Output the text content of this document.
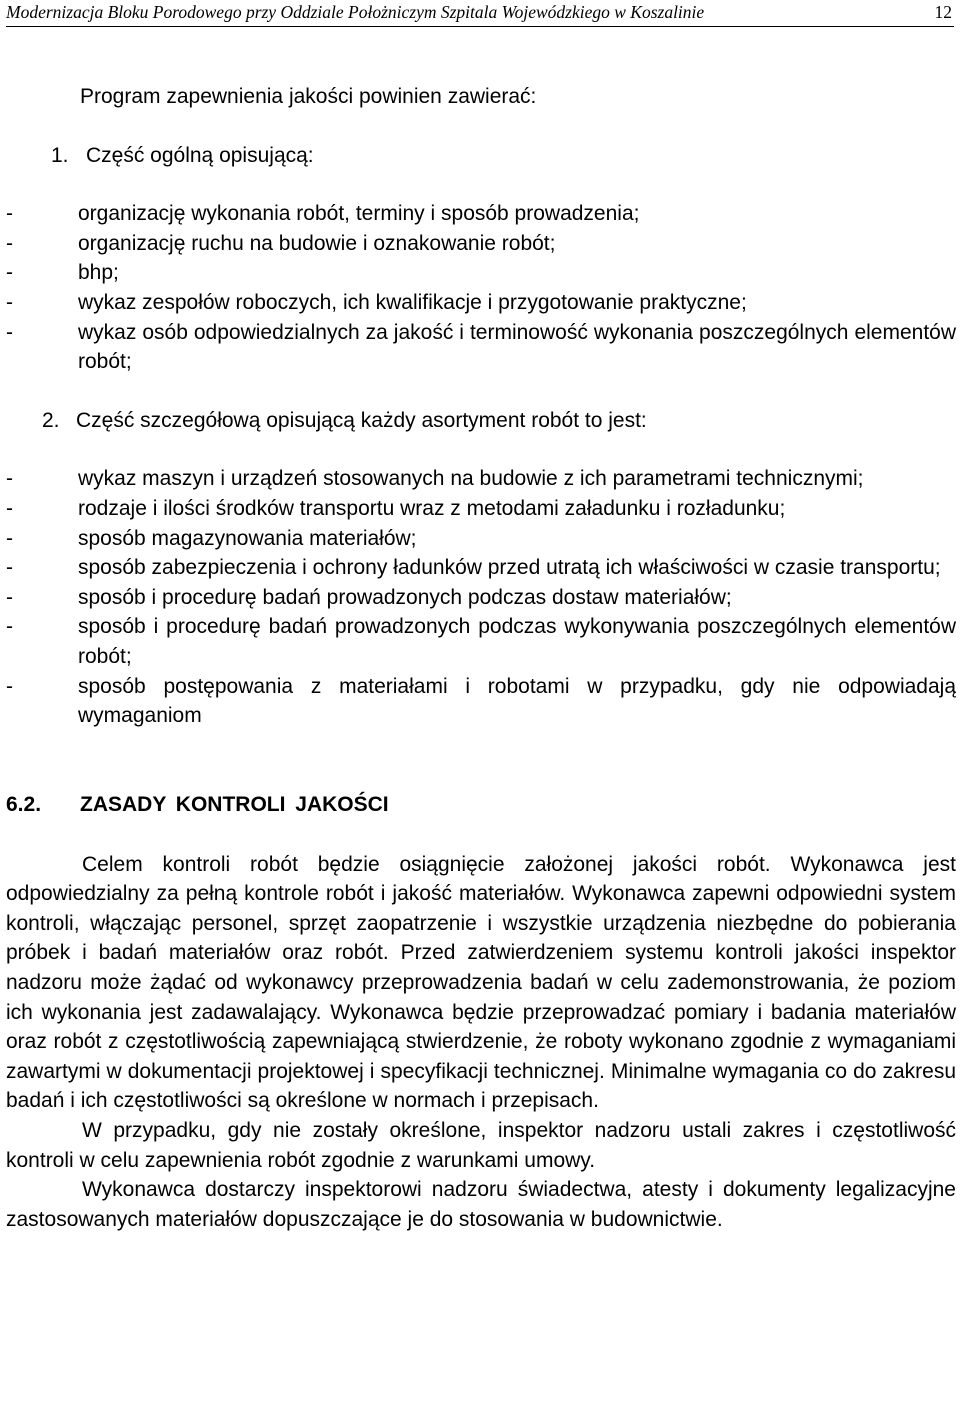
Modernizacja Bloku Porodowego przy Oddziale Położniczym Szpitala Wojewódzkiego w Koszalinie	12

Program zapewnienia jakości powinien zawierać:

1. Część ogólną opisującą:
- organizację wykonania robót, terminy i sposób prowadzenia;
- organizację ruchu na budowie i oznakowanie robót;
- bhp;
- wykaz zespołów roboczych, ich kwalifikacje i przygotowanie praktyczne;
- wykaz osób odpowiedzialnych za jakość i terminowość wykonania poszczególnych elementów robót;
2. Część szczegółową opisującą każdy asortyment robót to jest:
- wykaz maszyn i urządzeń stosowanych na budowie z ich parametrami technicznymi;
- rodzaje i ilości środków transportu wraz z metodami załadunku i rozładunku;
- sposób magazynowania materiałów;
- sposób zabezpieczenia i ochrony ładunków przed utratą ich właściwości w czasie transportu;
- sposób i procedurę badań prowadzonych podczas dostaw materiałów;
- sposób i procedurę badań prowadzonych podczas wykonywania poszczególnych elementów robót;
- sposób postępowania z materiałami i robotami w przypadku, gdy nie odpowiadają wymaganiom
6.2. ZASADY KONTROLI JAKOŚCI

Celem kontroli robót będzie osiągnięcie założonej jakości robót. Wykonawca jest odpowiedzialny za pełną kontrole robót i jakość materiałów. Wykonawca zapewni odpowiedni system kontroli, włączając personel, sprzęt zaopatrzenie i wszystkie urządzenia niezbędne do pobierania próbek i badań materiałów oraz robót. Przed zatwierdzeniem systemu kontroli jakości inspektor nadzoru może żądać od wykonawcy przeprowadzenia badań w celu zademonstrowania, że poziom ich wykonania jest zadawalający. Wykonawca będzie przeprowadzać pomiary i badania materiałów oraz robót z częstotliwością zapewniającą stwierdzenie, że roboty wykonano zgodnie z wymaganiami zawartymi w dokumentacji projektowej i specyfikacji technicznej. Minimalne wymagania co do zakresu badań i ich częstotliwości są określone w normach i przepisach.

W przypadku, gdy nie zostały określone, inspektor nadzoru ustali zakres i częstotliwość kontroli w celu zapewnienia robót zgodnie z warunkami umowy.

Wykonawca dostarczy inspektorowi nadzoru świadectwa, atesty i dokumenty legalizacyjne zastosowanych materiałów dopuszczające je do stosowania w budownictwie.
